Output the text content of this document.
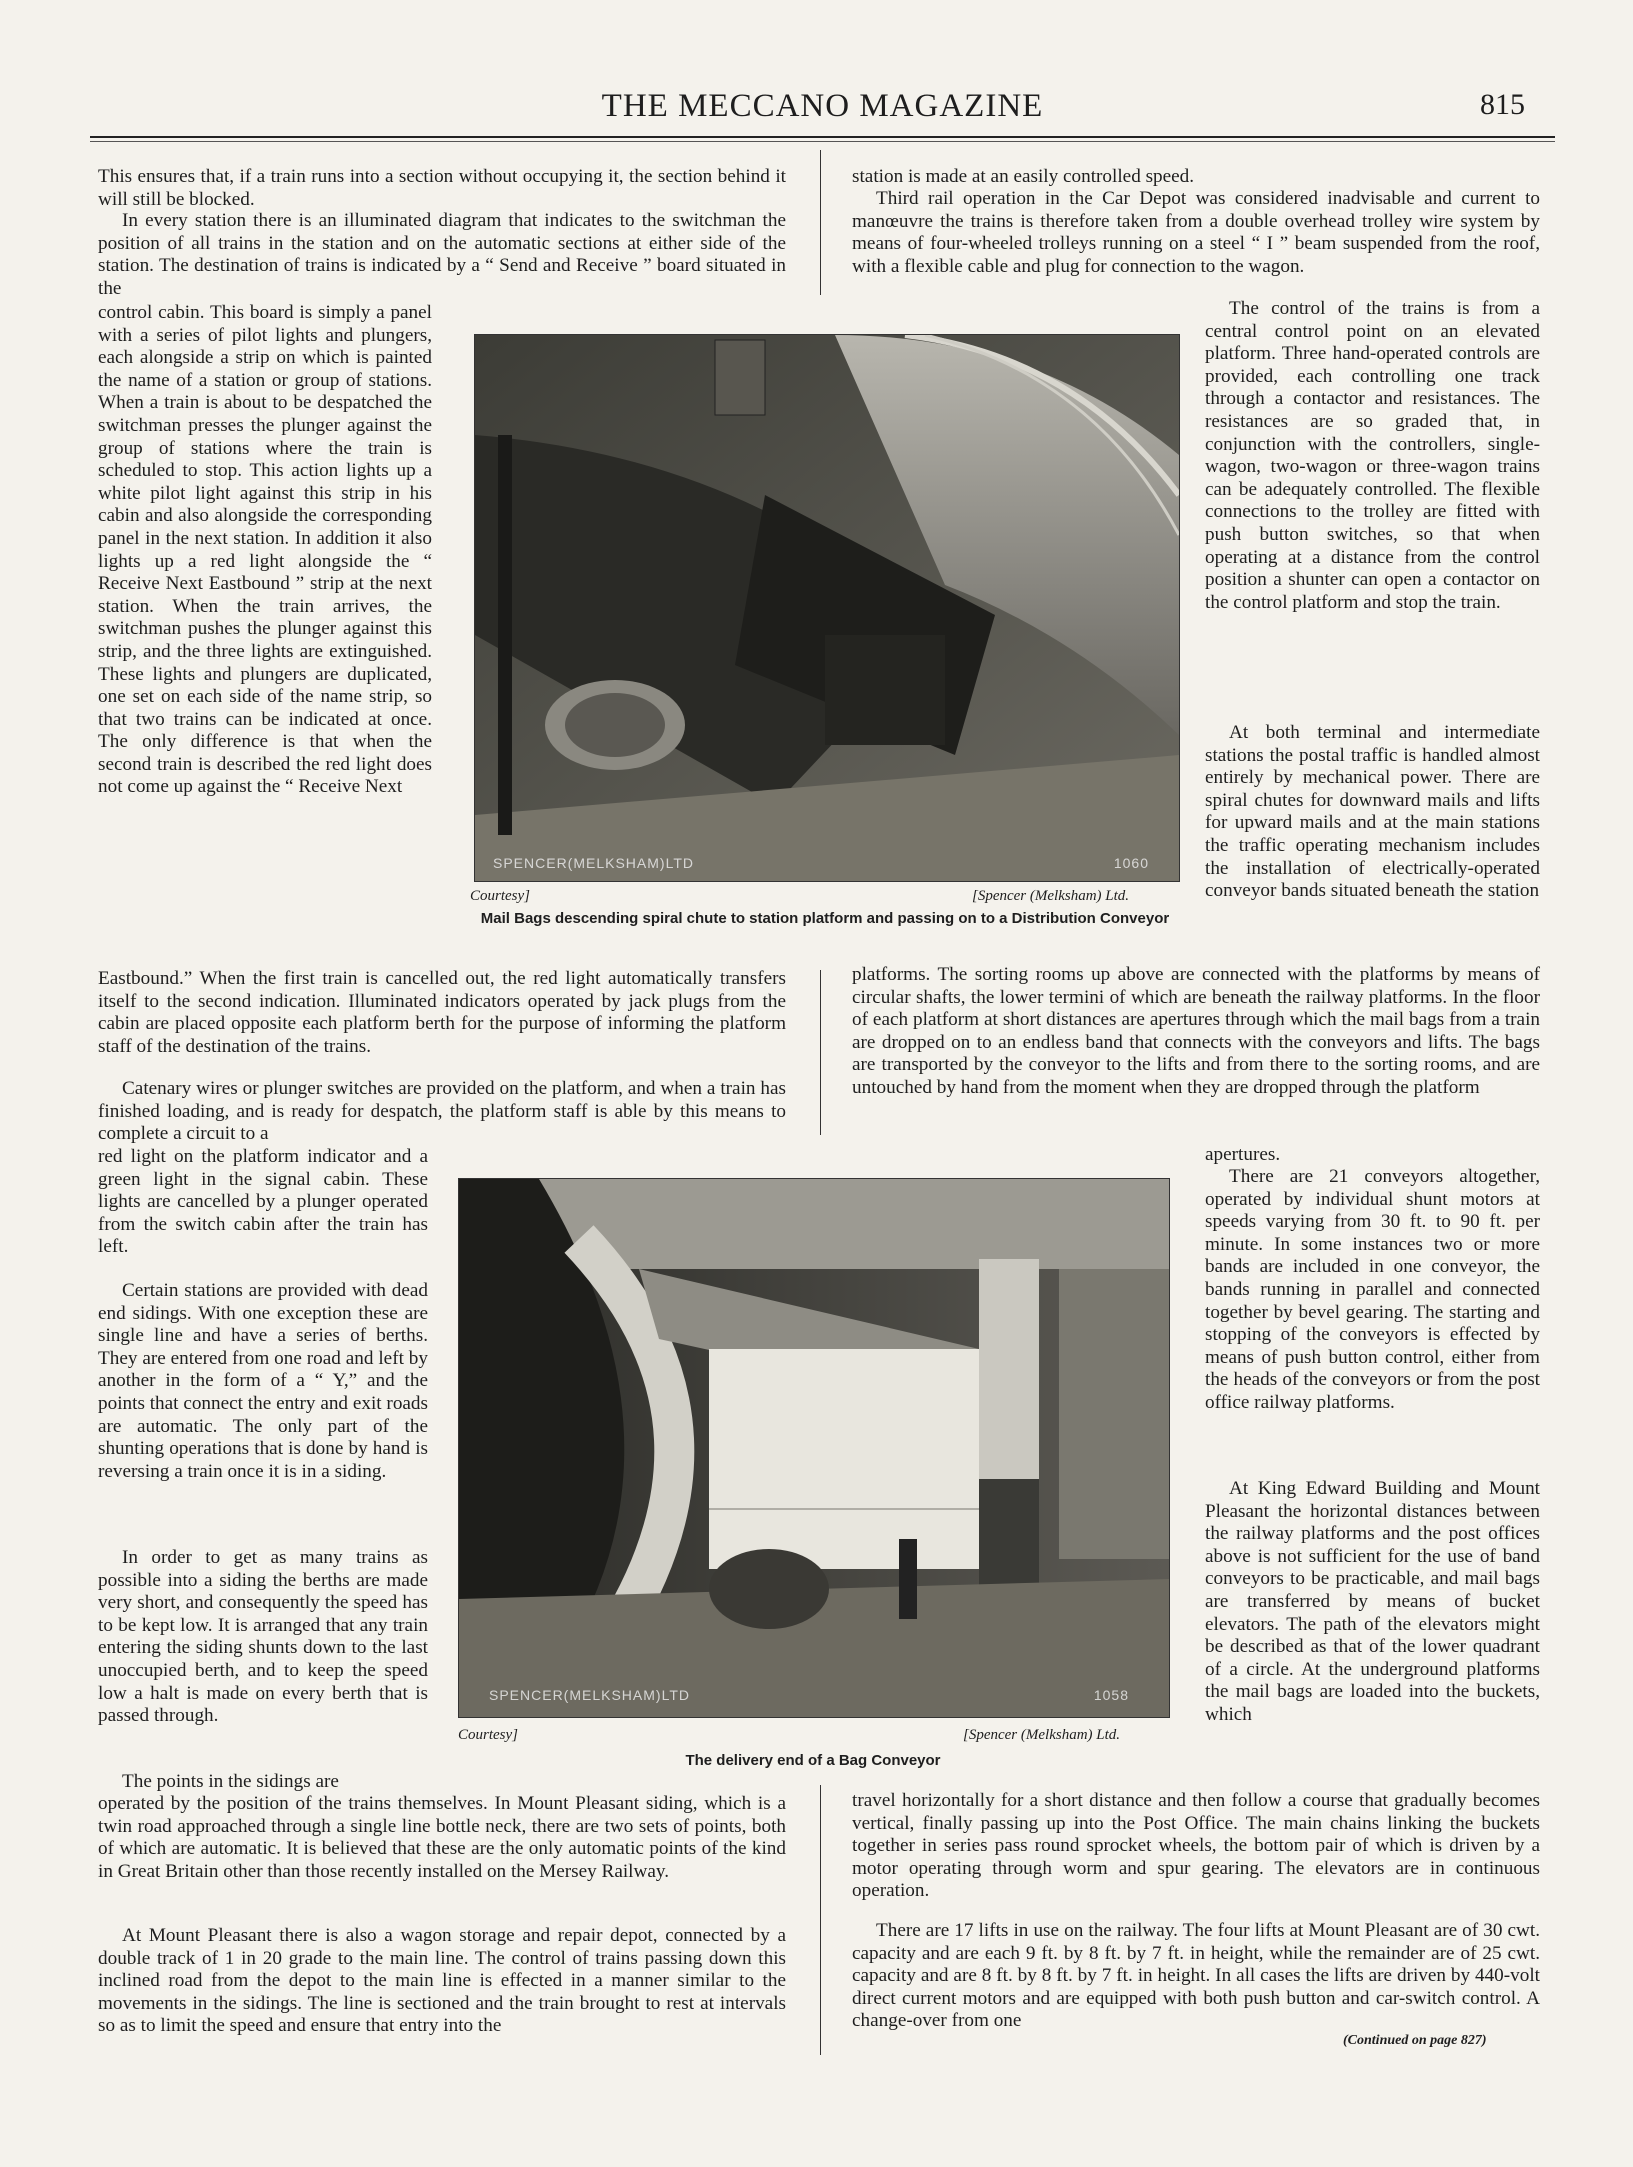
THE MECCANO MAGAZINE	815

This ensures that, if a train runs into a section without occupying it, the section behind it will still be blocked.

In every station there is an illuminated diagram that indicates to the switchman the position of all trains in the station and on the automatic sections at either side of the station. The destination of trains is indicated by a “ Send and Receive ” board situated in the

control cabin. This board is simply a panel with a series of pilot lights and plungers, each alongside a strip on which is painted the name of a station or group of stations. When a train is about to be despatched the switchman presses the plunger against the group of stations where the train is scheduled to stop. This action lights up a white pilot light against this strip in his cabin and also alongside the corresponding panel in the next station. In addition it also lights up a red light alongside the “ Receive Next Eastbound ” strip at the next station. When the train arrives, the switchman pushes the plunger against this strip, and the three lights are extinguished. These lights and plungers are duplicated, one set on each side of the name strip, so that two trains can be indicated at once. The only difference is that when the second train is described the red light does not come up against the “ Receive Next

Eastbound.” When the first train is cancelled out, the red light automatically transfers itself to the second indication. Illuminated indicators operated by jack plugs from the cabin are placed opposite each platform berth for the purpose of informing the platform staff of the destination of the trains.

Catenary wires or plunger switches are provided on the platform, and when a train has finished loading, and is ready for despatch, the platform staff is able by this means to complete a circuit to a

red light on the platform indicator and a green light in the signal cabin. These lights are cancelled by a plunger operated from the switch cabin after the train has left.

Certain stations are provided with dead end sidings. With one exception these are single line and have a series of berths. They are entered from one road and left by another in the form of a “ Y,” and the points that connect the entry and exit roads are automatic. The only part of the shunting operations that is done by hand is reversing a train once it is in a siding.

In order to get as many trains as possible into a siding the berths are made very short, and consequently the speed has to be kept low. It is arranged that any train entering the siding shunts down to the last unoccupied berth, and to keep the speed low a halt is made on every berth that is passed through.

The points in the sidings are

operated by the position of the trains themselves. In Mount Pleasant siding, which is a twin road approached through a single line bottle neck, there are two sets of points, both of which are automatic. It is believed that these are the only automatic points of the kind in Great Britain other than those recently installed on the Mersey Railway.

At Mount Pleasant there is also a wagon storage and repair depot, connected by a double track of 1 in 20 grade to the main line. The control of trains passing down this inclined road from the depot to the main line is effected in a manner similar to the movements in the sidings. The line is sectioned and the train brought to rest at intervals so as to limit the speed and ensure that entry into the

station is made at an easily controlled speed.

Third rail operation in the Car Depot was considered inadvisable and current to manœuvre the trains is therefore taken from a double overhead trolley wire system by means of four-wheeled trolleys running on a steel “ I ” beam suspended from the roof, with a flexible cable and plug for connection to the wagon.

The control of the trains is from a central control point on an elevated platform. Three hand-operated controls are provided, each controlling one track through a contactor and resistances. The resistances are so graded that, in conjunction with the controllers, single-wagon, two-wagon or three-wagon trains can be adequately controlled. The flexible connections to the trolley are fitted with push button switches, so that when operating at a distance from the control position a shunter can open a contactor on the control platform and stop the train.

At both terminal and intermediate stations the postal traffic is handled almost entirely by mechanical power. There are spiral chutes for downward mails and lifts for upward mails and at the main stations the traffic operating mechanism includes the installation of electrically-operated conveyor bands situated beneath the station

platforms. The sorting rooms up above are connected with the platforms by means of circular shafts, the lower termini of which are beneath the railway platforms. In the floor of each platform at short distances are apertures through which the mail bags from a train are dropped on to an endless band that connects with the conveyors and lifts. The bags are transported by the conveyor to the lifts and from there to the sorting rooms, and are untouched by hand from the moment when they are dropped through the platform

apertures.

There are 21 conveyors altogether, operated by individual shunt motors at speeds varying from 30 ft. to 90 ft. per minute. In some instances two or more bands are included in one conveyor, the bands running in parallel and connected together by bevel gearing. The starting and stopping of the conveyors is effected by means of push button control, either from the heads of the conveyors or from the post office railway platforms.

At King Edward Building and Mount Pleasant the horizontal distances between the railway platforms and the post offices above is not sufficient for the use of band conveyors to be practicable, and mail bags are transferred by means of bucket elevators. The path of the elevators might be described as that of the lower quadrant of a circle. At the underground platforms the mail bags are loaded into the buckets, which

travel horizontally for a short distance and then follow a course that gradually becomes vertical, finally passing up into the Post Office. The main chains linking the buckets together in series pass round sprocket wheels, the bottom pair of which is driven by a motor operating through worm and spur gearing. The elevators are in continuous operation.

There are 17 lifts in use on the railway. The four lifts at Mount Pleasant are of 30 cwt. capacity and are each 9 ft. by 8 ft. by 7 ft. in height, while the remainder are of 25 cwt. capacity and are 8 ft. by 8 ft. by 7 ft. in height. In all cases the lifts are driven by 440-volt direct current motors and are equipped with both push button and car-switch control. A change-over from one

(Continued on page 827)
SPENCER(MELKSHAM)LTD	1060
Courtesy]	[Spencer (Melksham) Ltd.
Mail Bags descending spiral chute to station platform and passing on to a Distribution Conveyor
SPENCER(MELKSHAM)LTD	1058
Courtesy]	[Spencer (Melksham) Ltd.
The delivery end of a Bag Conveyor
